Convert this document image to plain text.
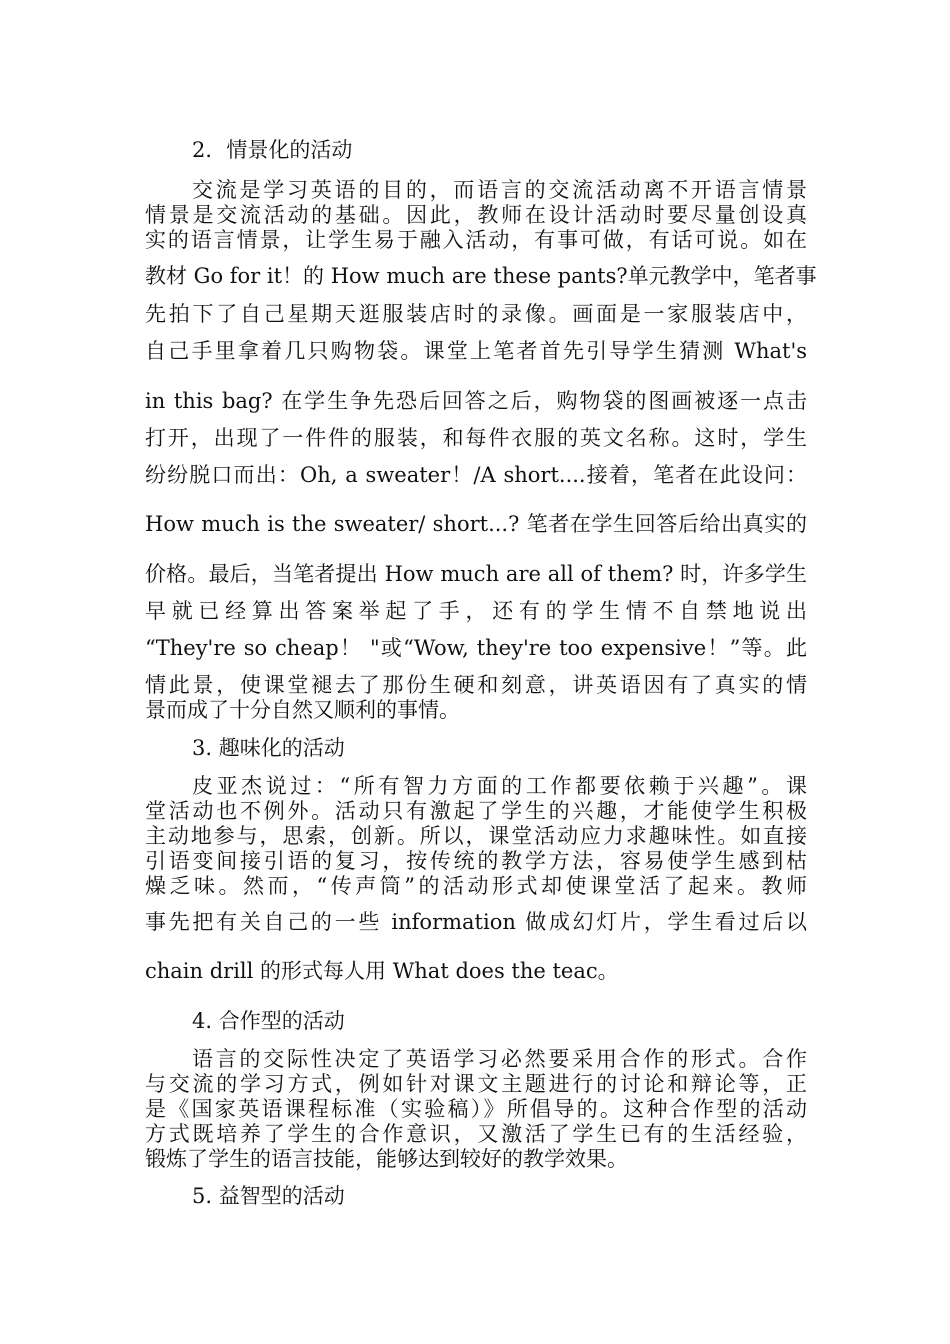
2．情景化的活动
交流是学习英语的目的，而语言的交流活动离不开语言情景
情景是交流活动的基础。因此，教师在设计活动时要尽量创设真
实的语言情景，让学生易于融入活动，有事可做，有话可说。如在
教材 Go for it！的 How much are these pants?单元教学中，笔者事
先拍下了自己星期天逛服装店时的录像。画面是一家服装店中，
自己手里拿着几只购物袋。课堂上笔者首先引导学生猜测 What's
in this bag? 在学生争先恐后回答之后，购物袋的图画被逐一点击
打开，出现了一件件的服装，和每件衣服的英文名称。这时，学生
纷纷脱口而出：Oh, a sweater！/A short....接着，笔者在此设问：
How much is the sweater/ short...? 笔者在学生回答后给出真实的
价格。最后，当笔者提出 How much are all of them? 时，许多学生
早就已经算出答案举起了手，还有的学生情不自禁地说出
“They're so cheap！ "或“Wow, they're too expensive！”等。此
情此景，使课堂褪去了那份生硬和刻意，讲英语因有了真实的情
景而成了十分自然又顺利的事情。
3. 趣味化的活动
皮亚杰说过：“所有智力方面的工作都要依赖于兴趣”。课
堂活动也不例外。活动只有激起了学生的兴趣，才能使学生积极
主动地参与，思索，创新。所以，课堂活动应力求趣味性。如直接
引语变间接引语的复习，按传统的教学方法，容易使学生感到枯
燥乏味。然而，“传声筒”的活动形式却使课堂活了起来。教师
事先把有关自己的一些 information 做成幻灯片，学生看过后以
chain drill 的形式每人用 What does the teac。
4. 合作型的活动
语言的交际性决定了英语学习必然要采用合作的形式。合作
与交流的学习方式，例如针对课文主题进行的讨论和辩论等，正
是《国家英语课程标准（实验稿）》所倡导的。这种合作型的活动
方式既培养了学生的合作意识，又激活了学生已有的生活经验，
锻炼了学生的语言技能，能够达到较好的教学效果。
5. 益智型的活动
